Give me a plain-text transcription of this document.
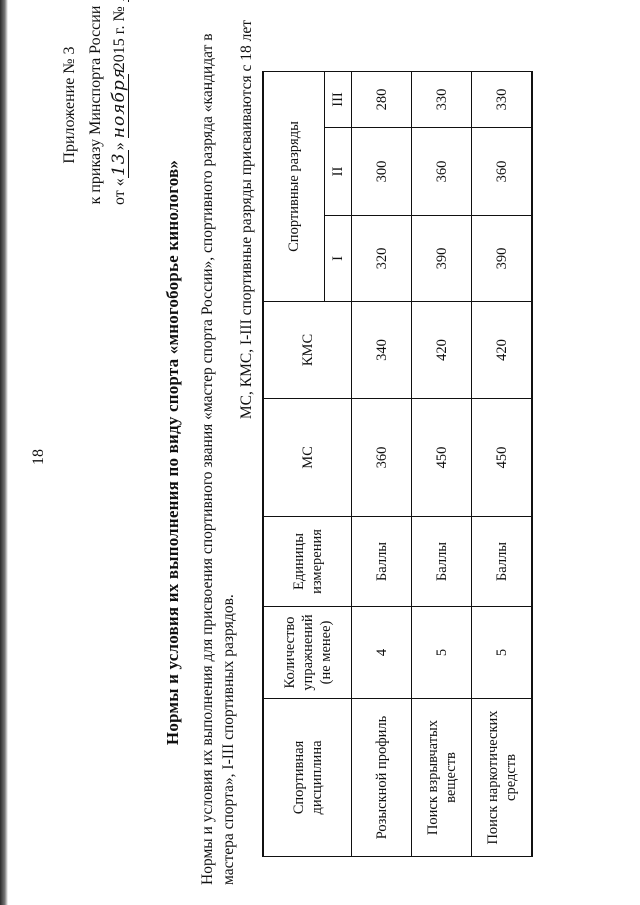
18
Приложение № 3 к приказу Минспорта России от «13» ноября 2015 г. №
Нормы и условия их выполнения по виду спорта «многоборье кинологов» Нормы и условия их выполнения для присвоения спортивного звания «мастер спорта России», спортивного разряда «кандидат в мастера спорта», I-III спортивных разрядов.
МС, КМС, I-III спортивные разряды присваиваются с 18 лет
Спортивная дисциплина	Количество упражнений (не менее)	Единицы измерения	МС	КМС	Спортивные разряды		
					I	II	III
Розыскной профиль	4	Баллы	360	340	320	300	280
Поиск взрывчатых веществ	5	Баллы	450	420	390	360	330
Поиск наркотических средств	5	Баллы	450	420	390	360	330
